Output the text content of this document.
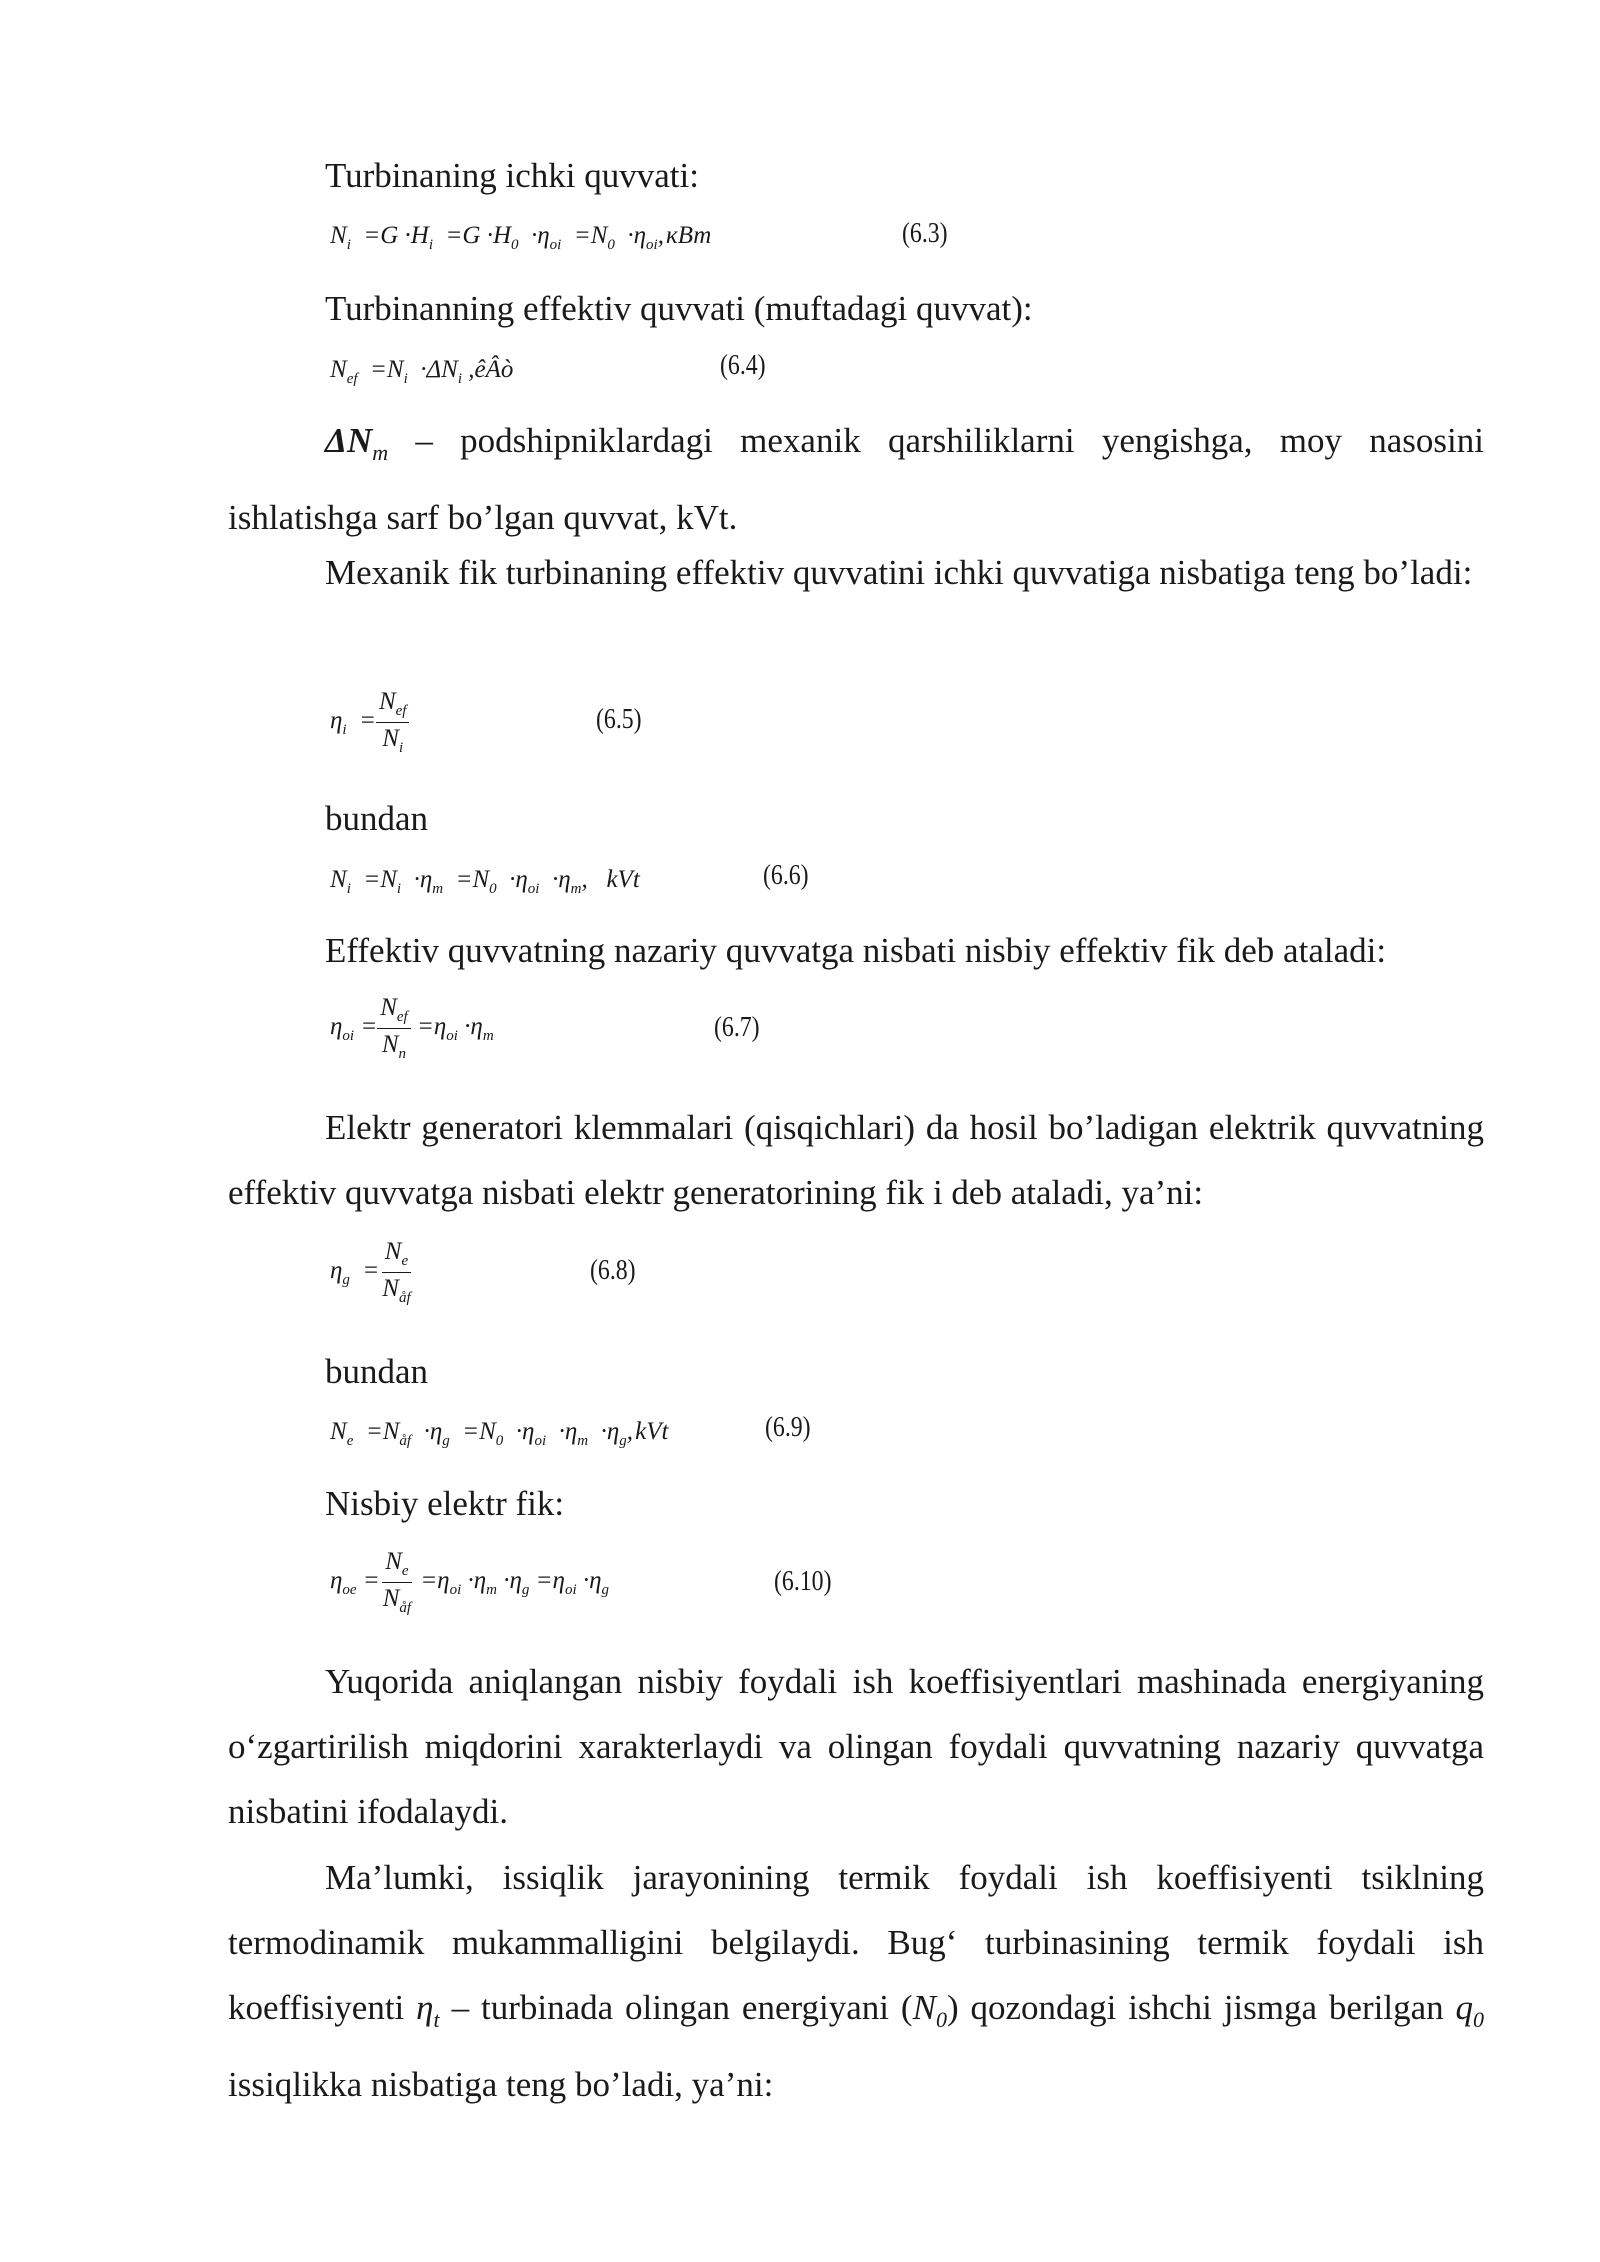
Turbinaning ichki quvvati:

$N_i =G \cdot H_i =G \cdot H_0 \cdot\eta_{oi} =N_0 \cdot\eta_{oi}$, кВт	(6.3)

Turbinanning effektiv quvvati (muftadagi quvvat):

$N_{ef} =N_i \cdot\Delta N_i$ ,êÂò	(6.4)

$\Delta N_m$ – podshipniklardagi mexanik qarshiliklarni yengishga, moy nasosini ishlatishga sarf bo’lgan quvvat, kVt.

Mexanik fik turbinaning effektiv quvvatini ichki quvvatiga nisbatiga teng bo’ladi:

$\eta_i = \frac{N_{ef}}{N_i}$	(6.5)

bundan

$N_i =N_i \cdot\eta_m =N_0 \cdot\eta_{oi} \cdot\eta_m$,   kVt	(6.6)

Effektiv quvvatning nazariy quvvatga nisbati nisbiy effektiv fik deb ataladi:

$\eta_{oi} = \frac{N_{ef}}{N_n} =\eta_{oi} \cdot\eta_m$	(6.7)

Elektr generatori klemmalari (qisqichlari) da hosil bo’ladigan elektrik quvvatning effektiv quvvatga nisbati elektr generatorining fik i deb ataladi, ya’ni:

$\eta_g = \frac{N_e}{N_{åf}}$	(6.8)

bundan

$N_e =N_{åf} \cdot\eta_g =N_0 \cdot\eta_{oi} \cdot\eta_m \cdot\eta_g$, kVt	(6.9)

Nisbiy elektr fik:

$\eta_{oe} = \frac{N_e}{N_{åf}} =\eta_{oi} \cdot\eta_m \cdot\eta_g =\eta_{oi} \cdot\eta_g$	(6.10)

Yuqorida aniqlangan nisbiy foydali ish koeffisiyentlari mashinada energiyaning o‘zgartirilish miqdorini xarakterlaydi va olingan foydali quvvatning nazariy quvvatga nisbatini ifodalaydi.

Ma’lumki, issiqlik jarayonining termik foydali ish koeffisiyenti tsiklning termodinamik mukammalligini belgilaydi. Bug‘ turbinasining termik foydali ish koeffisiyenti $\eta_t$ – turbinada olingan energiyani $(N_0)$ qozondagi ishchi jismga berilgan $q_0$ issiqlikka nisbatiga teng bo’ladi, ya’ni:
